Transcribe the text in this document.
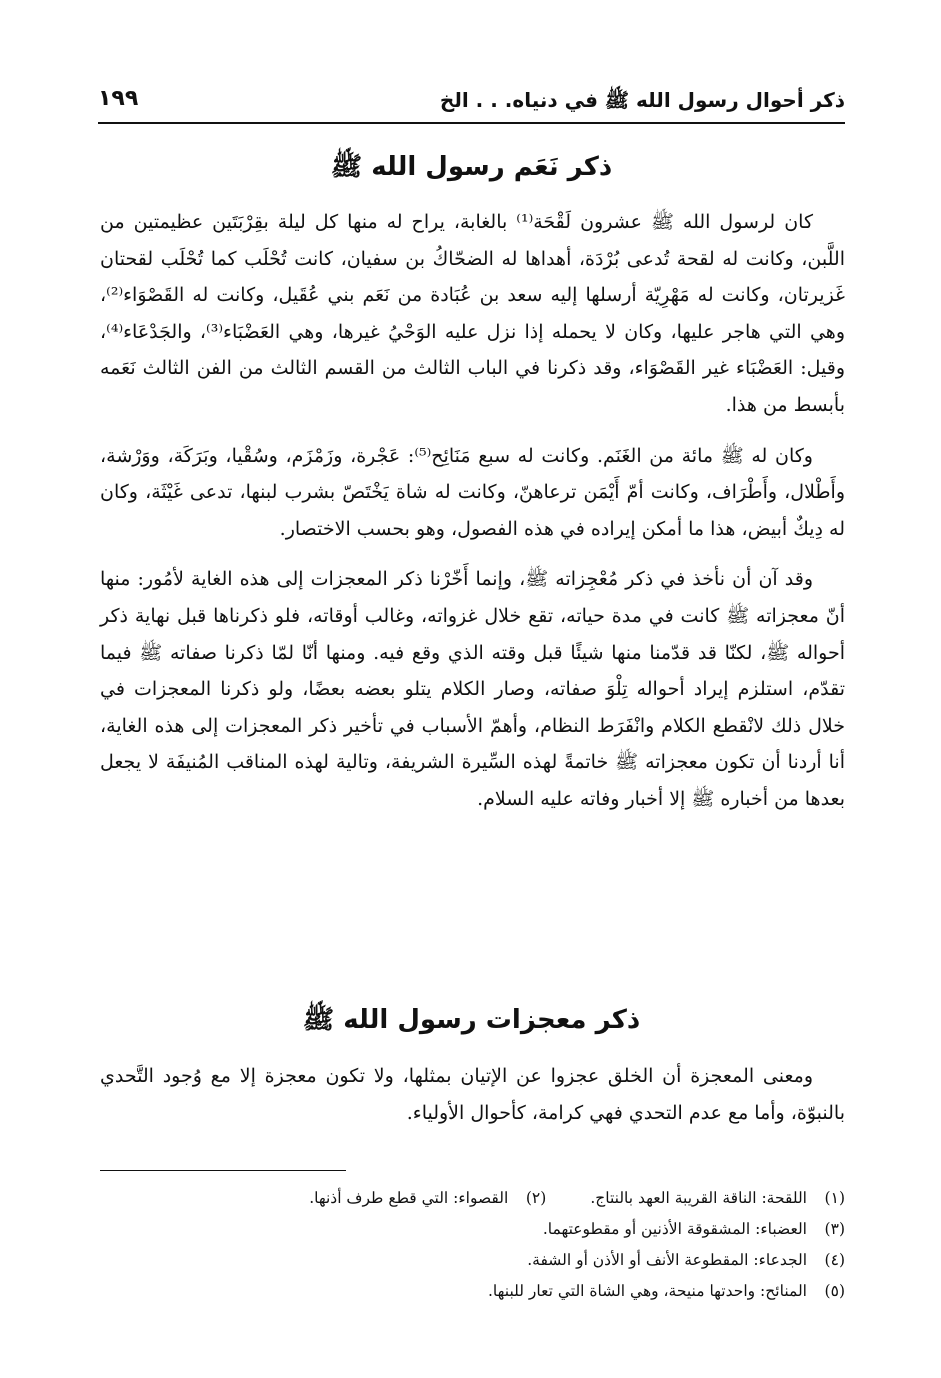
ذكر أحوال رسول الله ﷺ في دنياه. . . الخ
١٩٩
ذكر نَعَم رسول الله ﷺ

كان لرسول الله ﷺ عشرون لَقْحَة⁽¹⁾ بالغابة، يراح له منها كل ليلة بقِرْبَتَين عظيمتين من اللَّبن، وكانت له لقحة تُدعى بُرْدَة، أهداها له الضحّاكُ بن سفيان، كانت تُحْلَب كما تُحْلَب لقحتان غَزيرتان، وكانت له مَهْرِيّة أرسلها إليه سعد بن عُبَادة من نَعَم بني عُقَيل، وكانت له القَصْوَاء⁽²⁾، وهي التي هاجر عليها، وكان لا يحمله إذا نزل عليه الوَحْيُ غيرها، وهي العَضْبَاء⁽³⁾، والجَدْعَاء⁽⁴⁾، وقيل: العَضْبَاء غير القَصْوَاء، وقد ذكرنا في الباب الثالث من القسم الثالث من الفن الثالث نَعَمه بأبسط من هذا.

وكان له ﷺ مائة من الغَنَم. وكانت له سبع مَنَائِح⁽⁵⁾: عَجْرة، وزَمْزَم، وسُقْيا، وبَرَكَة، ووَرْشة، وأَطْلال، وأَطْرَاف، وكانت أمّ أَيْمَن ترعاهنّ، وكانت له شاة يَخْتَصّ بشرب لبنها، تدعى غَيْثَة، وكان له دِيكٌ أبيض، هذا ما أمكن إيراده في هذه الفصول، وهو بحسب الاختصار.

وقد آن أن نأخذ في ذكر مُعْجِزاته ﷺ، وإنما أَخّرْنا ذكر المعجزات إلى هذه الغاية لأمُور: منها أنّ معجزاته ﷺ كانت في مدة حياته، تقع خلال غزواته، وغالب أوقاته، فلو ذكرناها قبل نهاية ذكر أحواله ﷺ، لكنّا قد قدّمنا منها شيئًا قبل وقته الذي وقع فيه. ومنها أنّا لمّا ذكرنا صفاته ﷺ فيما تقدّم، استلزم إيراد أحواله تِلْوَ صفاته، وصار الكلام يتلو بعضه بعضًا، ولو ذكرنا المعجزات في خلال ذلك لانْقطع الكلام وانْفَرَط النظام، وأهمّ الأسباب في تأخير ذكر المعجزات إلى هذه الغاية، أنا أردنا أن تكون معجزاته ﷺ خاتمةً لهذه السِّيرة الشريفة، وتالية لهذه المناقب المُنيفَة لا يجعل بعدها من أخباره ﷺ إلا أخبار وفاته عليه السلام.

ذكر معجزات رسول الله ﷺ

ومعنى المعجزة أن الخلق عجزوا عن الإتيان بمثلها، ولا تكون معجزة إلا مع وُجود التَّحدي بالنبوّة، وأما مع عدم التحدي فهي كرامة، كأحوال الأولياء.

(١)اللقحة: الناقة القريبة العهد بالنتاج.(٢)القصواء: التي قطع طرف أذنها.
(٣)العضباء: المشقوقة الأذنين أو مقطوعتهما.
(٤)الجدعاء: المقطوعة الأنف أو الأذن أو الشفة.
(٥)المنائح: واحدتها منيحة، وهي الشاة التي تعار للبنها.
